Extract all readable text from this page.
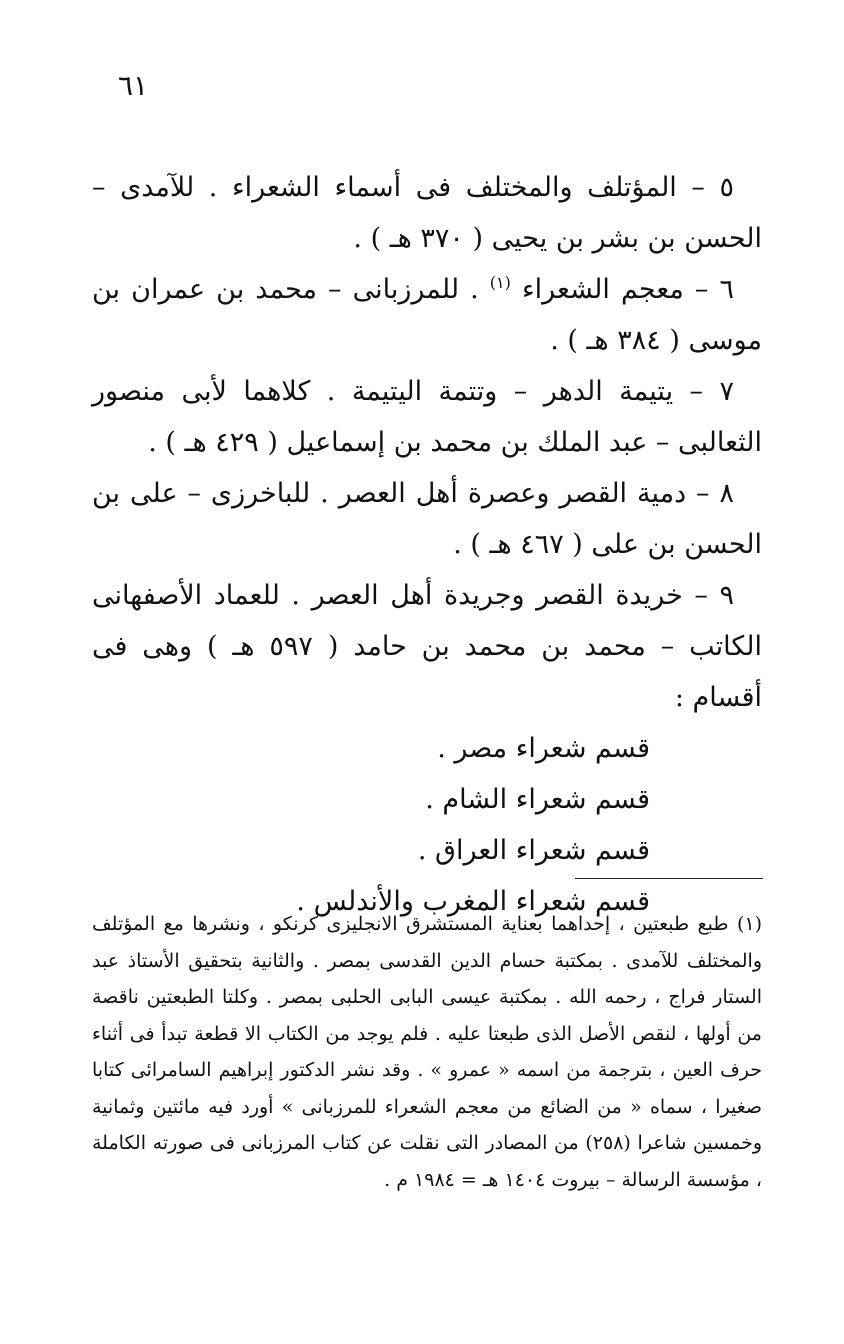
٦١

٥ – المؤتلف والمختلف فى أسماء الشعراء . للآمدى – الحسن بن بشر بن يحيى ( ٣٧٠ هـ ) .

٦ – معجم الشعراء $^{(١)}$ . للمرزبانى – محمد بن عمران بن موسى ( ٣٨٤ هـ ) .

٧ – يتيمة الدهر – وتتمة اليتيمة . كلاهما لأبى منصور الثعالبى – عبد الملك بن محمد بن إسماعيل ( ٤٢٩ هـ ) .

٨ – دمية القصر وعصرة أهل العصر . للباخرزى – على بن الحسن بن على ( ٤٦٧ هـ ) .

٩ – خريدة القصر وجريدة أهل العصر . للعماد الأصفهانى الكاتب – محمد بن محمد بن حامد ( ٥٩٧ هـ ) وهى فى أقسام :

قسم شعراء مصر .
قسم شعراء الشام .
قسم شعراء العراق .
قسم شعراء المغرب والأندلس .

(١) طبع طبعتين ، إحداهما بعناية المستشرق الانجليزى كرنكو ، ونشرها مع المؤتلف والمختلف للآمدى . بمكتبة حسام الدين القدسى بمصر . والثانية بتحقيق الأستاذ عبد الستار فراج ، رحمه الله . بمكتبة عيسى البابى الحلبى بمصر . وكلتا الطبعتين ناقصة من أولها ، لنقص الأصل الذى طبعتا عليه . فلم يوجد من الكتاب الا قطعة تبدأ فى أثناء حرف العين ، بترجمة من اسمه « عمرو » . وقد نشر الدكتور إبراهيم السامرائى كتابا صغيرا ، سماه « من الضائع من معجم الشعراء للمرزبانى » أورد فيه مائتين وثمانية وخمسين شاعرا (٢٥٨) من المصادر التى نقلت عن كتاب المرزبانى فى صورته الكاملة ، مؤسسة الرسالة – بيروت ١٤٠٤ هـ = ١٩٨٤ م .
